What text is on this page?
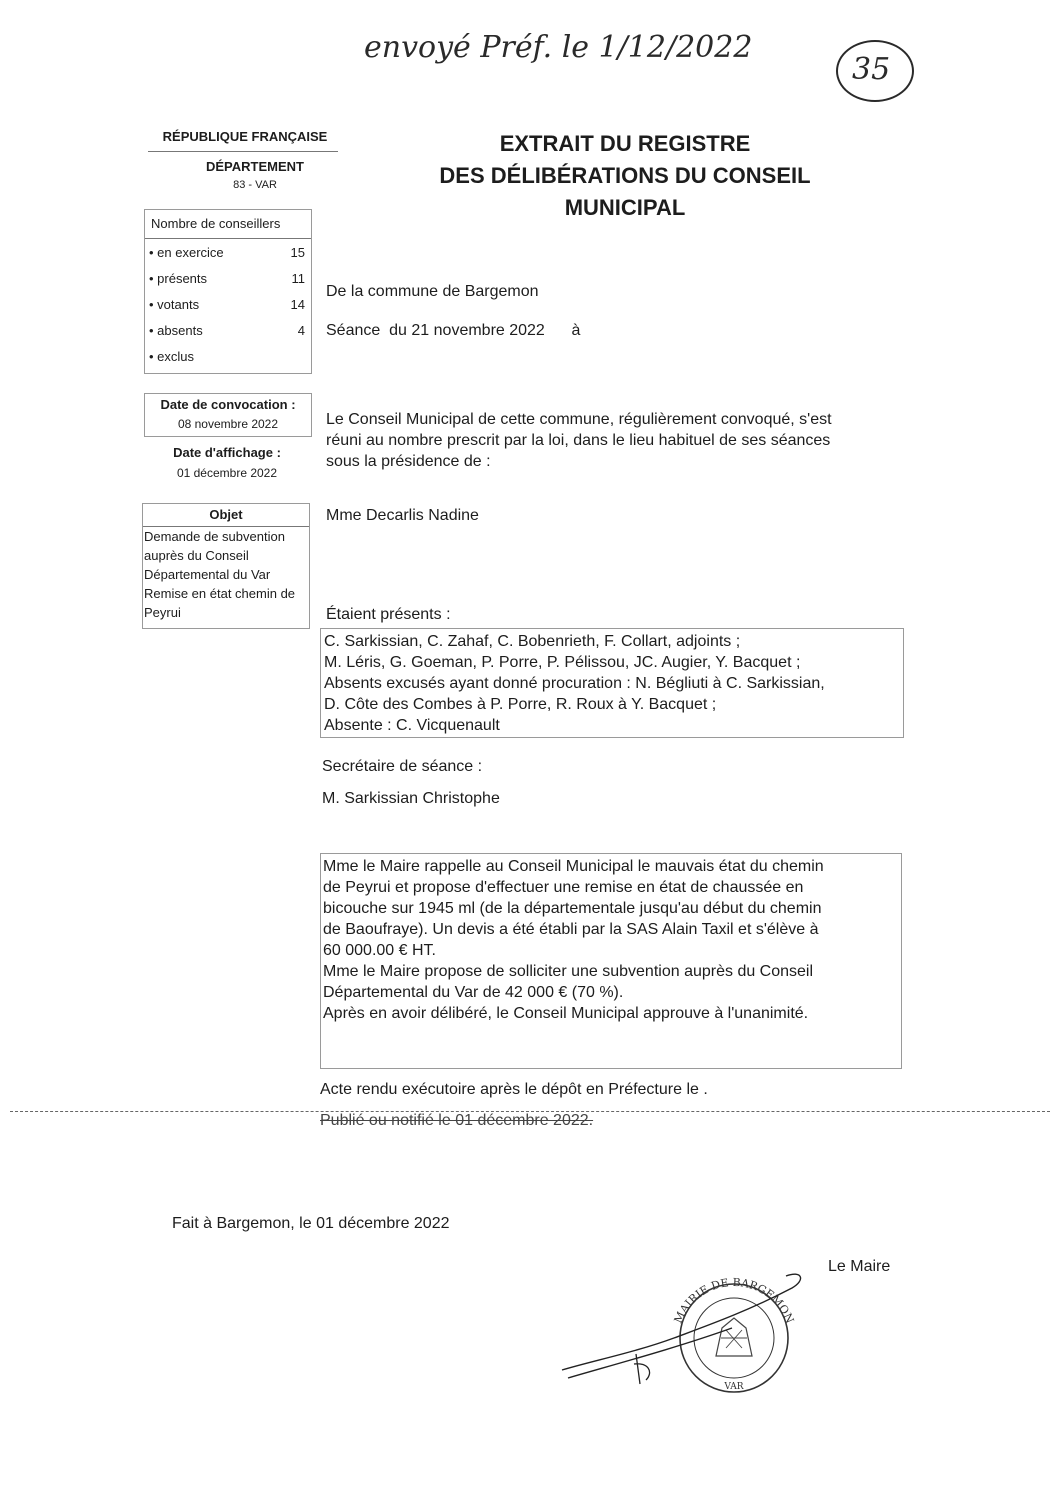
envoyé Préf. le 1/12/2022
35
RÉPUBLIQUE FRANÇAISE
DÉPARTEMENT
83 - VAR
EXTRAIT DU REGISTRE
DES DÉLIBÉRATIONS DU CONSEIL
MUNICIPAL
Nombre de conseillers
• en exercice	15
• présents	11
• votants	14
• absents	4
• exclus
Date de convocation :
08 novembre 2022
Date d'affichage :
01 décembre 2022
Objet
Demande de subvention
auprès du Conseil
Départemental du Var
Remise en état chemin de
Peyrui
De la commune de Bargemon
Séance  du 21 novembre 2022      à
Le Conseil Municipal de cette commune, régulièrement convoqué, s'est
réuni au nombre prescrit par la loi, dans le lieu habituel de ses séances
sous la présidence de :
Mme Decarlis Nadine
Étaient présents :
C. Sarkissian, C. Zahaf, C. Bobenrieth, F. Collart, adjoints ;
M. Léris, G. Goeman, P. Porre, P. Pélissou, JC. Augier, Y. Bacquet ;
Absents excusés ayant donné procuration : N. Bégliuti à C. Sarkissian,
D. Côte des Combes à P. Porre, R. Roux à Y. Bacquet ;
Absente : C. Vicquenault
Secrétaire de séance :
M. Sarkissian Christophe
Mme le Maire rappelle au Conseil Municipal le mauvais état du chemin
de Peyrui et propose d'effectuer une remise en état de chaussée en
bicouche sur 1945 ml (de la départementale jusqu'au début du chemin
de Baoufraye). Un devis a été établi par la SAS Alain Taxil et s'élève à
60 000.00 € HT.
Mme le Maire propose de solliciter une subvention auprès du Conseil
Départemental du Var de 42 000 € (70 %).
Après en avoir délibéré, le Conseil Municipal approuve à l'unanimité.
Acte rendu exécutoire après le dépôt en Préfecture le .
Publié ou notifié le 01 décembre 2022.
Fait à Bargemon, le 01 décembre 2022
Le Maire
MAIRIE DE BARGEMON
VAR
